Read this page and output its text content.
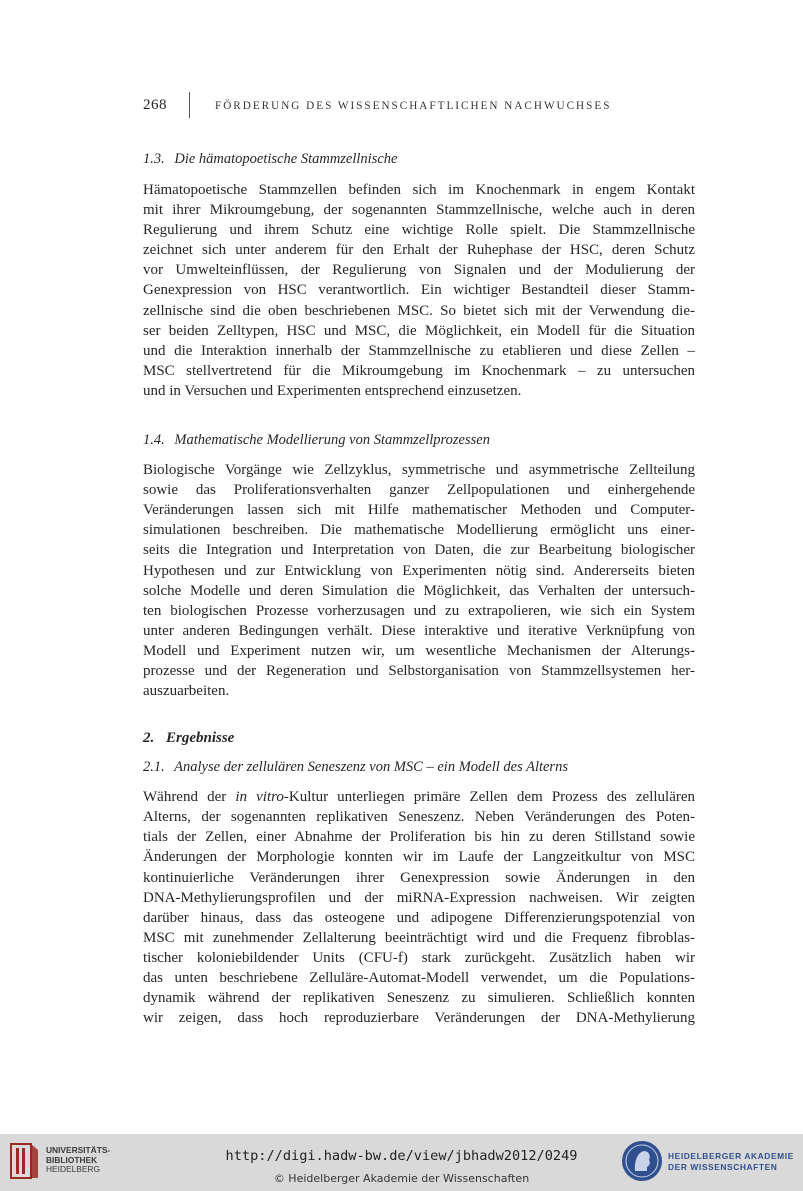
268	FÖRDERUNG DES WISSENSCHAFTLICHEN NACHWUCHSES
1.3. Die hämatopoetische Stammzellnische
Hämatopoetische Stammzellen befinden sich im Knochenmark in engem Kontakt
mit ihrer Mikroumgebung, der sogenannten Stammzellnische, welche auch in deren
Regulierung und ihrem Schutz eine wichtige Rolle spielt. Die Stammzellnische
zeichnet sich unter anderem für den Erhalt der Ruhephase der HSC, deren Schutz
vor Umwelteinflüssen, der Regulierung von Signalen und der Modulierung der
Genexpression von HSC verantwortlich. Ein wichtiger Bestandteil dieser Stamm-
zellnische sind die oben beschriebenen MSC. So bietet sich mit der Verwendung die-
ser beiden Zelltypen, HSC und MSC, die Möglichkeit, ein Modell für die Situation
und die Interaktion innerhalb der Stammzellnische zu etablieren und diese Zellen –
MSC stellvertretend für die Mikroumgebung im Knochenmark – zu untersuchen
und in Versuchen und Experimenten entsprechend einzusetzen.
1.4. Mathematische Modellierung von Stammzellprozessen
Biologische Vorgänge wie Zellzyklus, symmetrische und asymmetrische Zellteilung
sowie das Proliferationsverhalten ganzer Zellpopulationen und einhergehende
Veränderungen lassen sich mit Hilfe mathematischer Methoden und Computer-
simulationen beschreiben. Die mathematische Modellierung ermöglicht uns einer-
seits die Integration und Interpretation von Daten, die zur Bearbeitung biologischer
Hypothesen und zur Entwicklung von Experimenten nötig sind. Andererseits bieten
solche Modelle und deren Simulation die Möglichkeit, das Verhalten der untersuch-
ten biologischen Prozesse vorherzusagen und zu extrapolieren, wie sich ein System
unter anderen Bedingungen verhält. Diese interaktive und iterative Verknüpfung von
Modell und Experiment nutzen wir, um wesentliche Mechanismen der Alterungs-
prozesse und der Regeneration und Selbstorganisation von Stammzellsystemen her-
auszuarbeiten.
2. Ergebnisse
2.1. Analyse der zellulären Seneszenz von MSC – ein Modell des Alterns
Während der in vitro-Kultur unterliegen primäre Zellen dem Prozess des zellulären
Alterns, der sogenannten replikativen Seneszenz. Neben Veränderungen des Poten-
tials der Zellen, einer Abnahme der Proliferation bis hin zu deren Stillstand sowie
Änderungen der Morphologie konnten wir im Laufe der Langzeitkultur von MSC
kontinuierliche Veränderungen ihrer Genexpression sowie Änderungen in den
DNA-Methylierungsprofilen und der miRNA-Expression nachweisen. Wir zeigten
darüber hinaus, dass das osteogene und adipogene Differenzierungspotenzial von
MSC mit zunehmender Zellalterung beeinträchtigt wird und die Frequenz fibroblas-
tischer koloniebildender Units (CFU-f) stark zurückgeht. Zusätzlich haben wir
das unten beschriebene Zelluläre-Automat-Modell verwendet, um die Populations-
dynamik während der replikativen Seneszenz zu simulieren. Schließlich konnten
wir zeigen, dass hoch reproduzierbare Veränderungen der DNA-Methylierung
UNIVERSITÄTS-
BIBLIOTHEK
HEIDELBERG
http://digi.hadw-bw.de/view/jbhadw2012/0249
© Heidelberger Akademie der Wissenschaften
HEIDELBERGER AKADEMIE
DER WISSENSCHAFTEN
